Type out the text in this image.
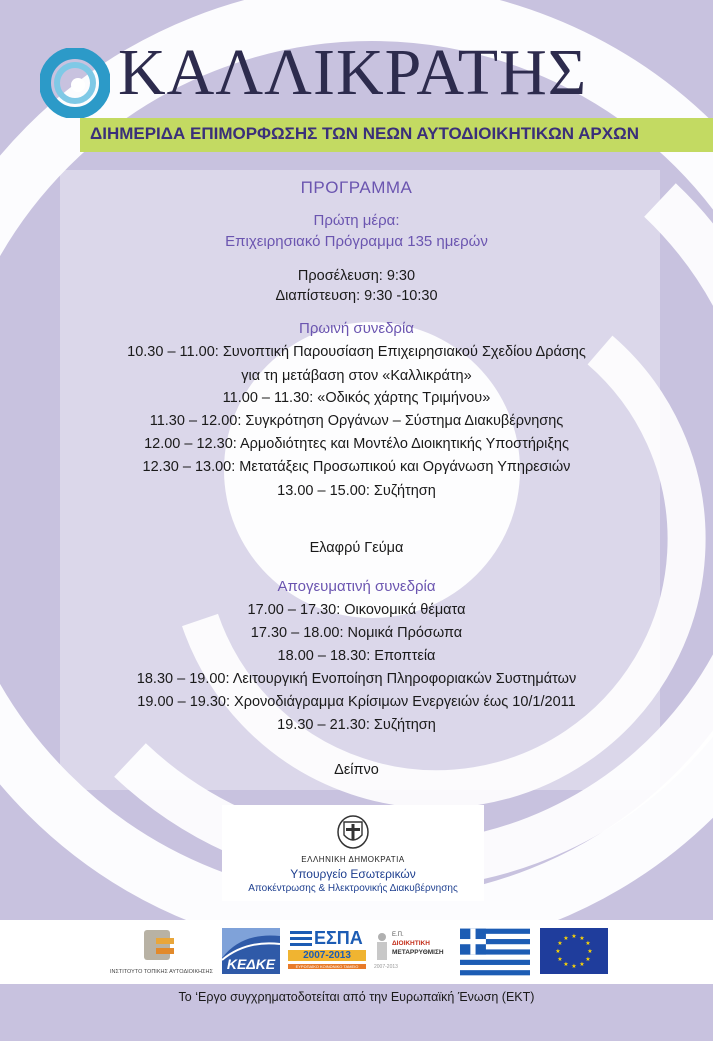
ΚΑΛΛΙΚΡΑΤΗΣ
ΔΙΗΜΕΡΙΔΑ ΕΠΙΜΟΡΦΩΣΗΣ ΤΩΝ ΝΕΩΝ ΑΥΤΟΔΙΟΙΚΗΤΙΚΩΝ ΑΡΧΩΝ
ΠΡΟΓΡΑΜΜΑ
Πρώτη μέρα:
Επιχειρησιακό Πρόγραμμα 135 ημερών
Προσέλευση: 9:30
Διαπίστευση: 9:30 -10:30
Πρωινή συνεδρία
10.30 – 11.00: Συνοπτική Παρουσίαση Επιχειρησιακού Σχεδίου Δράσης
για τη μετάβαση στον «Καλλικράτη»
11.00 – 11.30: «Οδικός χάρτης Τριμήνου»
11.30 – 12.00: Συγκρότηση Οργάνων – Σύστημα Διακυβέρνησης
12.00 – 12.30: Αρμοδιότητες και Μοντέλο Διοικητικής Υποστήριξης
12.30 – 13.00: Μετατάξεις Προσωπικού και Οργάνωση Υπηρεσιών
13.00 – 15.00: Συζήτηση
Ελαφρύ Γεύμα
Απογευματινή συνεδρία
17.00 – 17.30: Οικονομικά θέματα
17.30 – 18.00: Νομικά Πρόσωπα
18.00 – 18.30: Εποπτεία
18.30 – 19.00: Λειτουργική Ενοποίηση Πληροφοριακών Συστημάτων
19.00 – 19.30: Χρονοδιάγραμμα Κρίσιμων Ενεργειών έως 10/1/2011
19.30 – 21.30: Συζήτηση
Δείπνο
ΕΛΛΗΝΙΚΗ ΔΗΜΟΚΡΑΤΙΑ
Υπουργείο Εσωτερικών
Αποκέντρωσης & Ηλεκτρονικής Διακυβέρνησης
ΙΝΣΤΙΤΟΥΤΟ ΤΟΠΙΚΗΣ ΑΥΤΟΔΙΟΙΚΗΣΗΣ ΚΕΔΚΕ
ΕΣΠΑ
2007-2013
ΕΥΡΩΠΑΪΚΟ ΚΟΙΝΩΝΙΚΟ ΤΑΜΕΙΟ
Ε.Π.
ΔΙΟΙΚΗΤΙΚΗ
ΜΕΤΑΡΡΥΘΜΙΣΗ
2007-2013
★ ★
★
★
★
★
★
★
★
★
★
★
Το ‘Εργο συγχρηματοδοτείται από την Ευρωπαϊκή Ένωση (ΕΚΤ)
